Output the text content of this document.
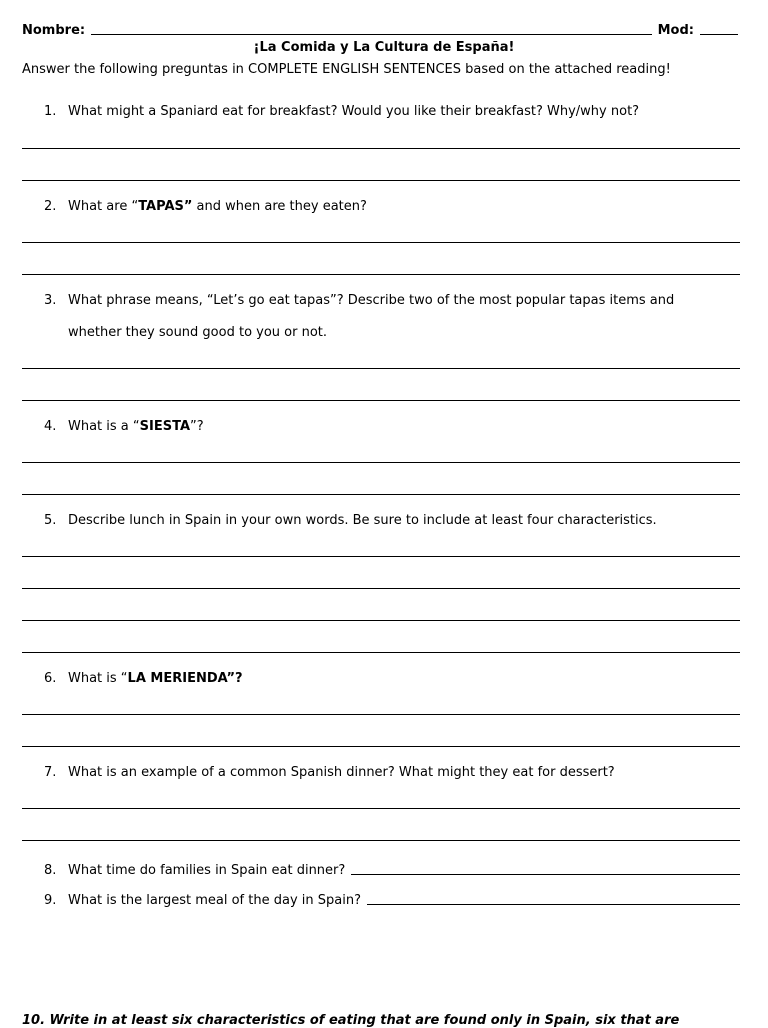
Nombre:	Mod:
¡La Comida y La Cultura de España!
Answer the following preguntas in COMPLETE ENGLISH SENTENCES based on the attached reading!
1. What might a Spaniard eat for breakfast? Would you like their breakfast? Why/why not?
2. What are “TAPAS” and when are they eaten?
3. What phrase means, “Let’s go eat tapas”? Describe two of the most popular tapas items and
whether they sound good to you or not.
4. What is a “SIESTA”?
5. Describe lunch in Spain in your own words. Be sure to include at least four characteristics.
6. What is “LA MERIENDA”?
7. What is an example of a common Spanish dinner? What might they eat for dessert?
8. What time do families in Spain eat dinner?
9. What is the largest meal of the day in Spain?
10. Write in at least six characteristics of eating that are found only in Spain, six that are
